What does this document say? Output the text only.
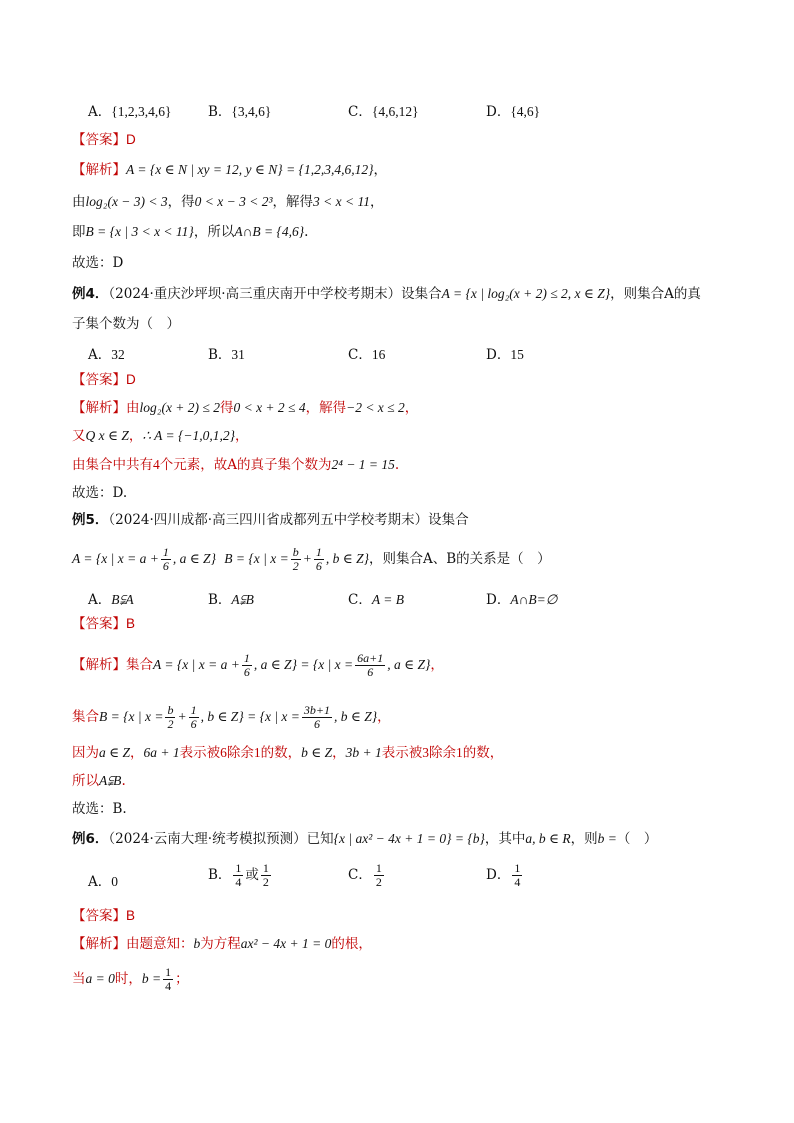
A．{1,2,3,4,6}	B．{3,4,6}	C．{4,6,12}	D．{4,6}
【答案】D
【解析】A = {x ∈ N | xy = 12, y ∈ N} = {1,2,3,4,6,12}，
由log₂(x − 3) < 3，得0 < x − 3 < 2³，解得3 < x < 11，
即B = {x | 3 < x < 11}，所以A∩B = {4,6}.
故选：D
例4．（2024·重庆沙坪坝·高三重庆南开中学校考期末）设集合A = {x | log₂(x + 2) ≤ 2, x ∈ Z}，则集合A的真
子集个数为（　）
A．32	B．31	C．16	D．15
【答案】D
【解析】由log₂(x + 2) ≤ 2得0 < x + 2 ≤ 4，解得−2 < x ≤ 2，
又Q x ∈ Z，∴ A = {−1,0,1,2}，
由集合中共有4个元素，故A的真子集个数为2⁴ − 1 = 15.
故选：D.
例5．（2024·四川成都·高三四川省成都列五中学校考期末）设集合
A = {x | $x = a + \frac{1}{6}$ , a ∈ Z} B = {x | $x = \frac{b}{2} + \frac{1}{6}$ , b ∈ Z}，则集合A、B的关系是（　）
A．B⫋A	B．A⫋B	C．A = B	D．A∩B=∅
【答案】B
【解析】集合A = {x | $x = a + \frac{1}{6}$ , a ∈ Z} = {x | $x = \frac{6a+1}{6}$ , a ∈ Z}，
集合B = {x | $x = \frac{b}{2} + \frac{1}{6}$ , b ∈ Z} = {x | $x = \frac{3b+1}{6}$ , b ∈ Z}，
因为a ∈ Z，6a + 1表示被6除余1的数，b ∈ Z，3b + 1表示被3除余1的数，
所以A⫋B.
故选：B.
例6．（2024·云南大理·统考模拟预测）已知{x | ax² − 4x + 1 = 0} = {b}，其中a, b ∈ R，则b =（　）
A．0	B． $\frac{1}{4}$ 或 $\frac{1}{2}$	C． $\frac{1}{2}$	D． $\frac{1}{4}$
【答案】B
【解析】由题意知：b为方程ax² − 4x + 1 = 0的根，
当a = 0时，$b = \frac{1}{4}$ ；
